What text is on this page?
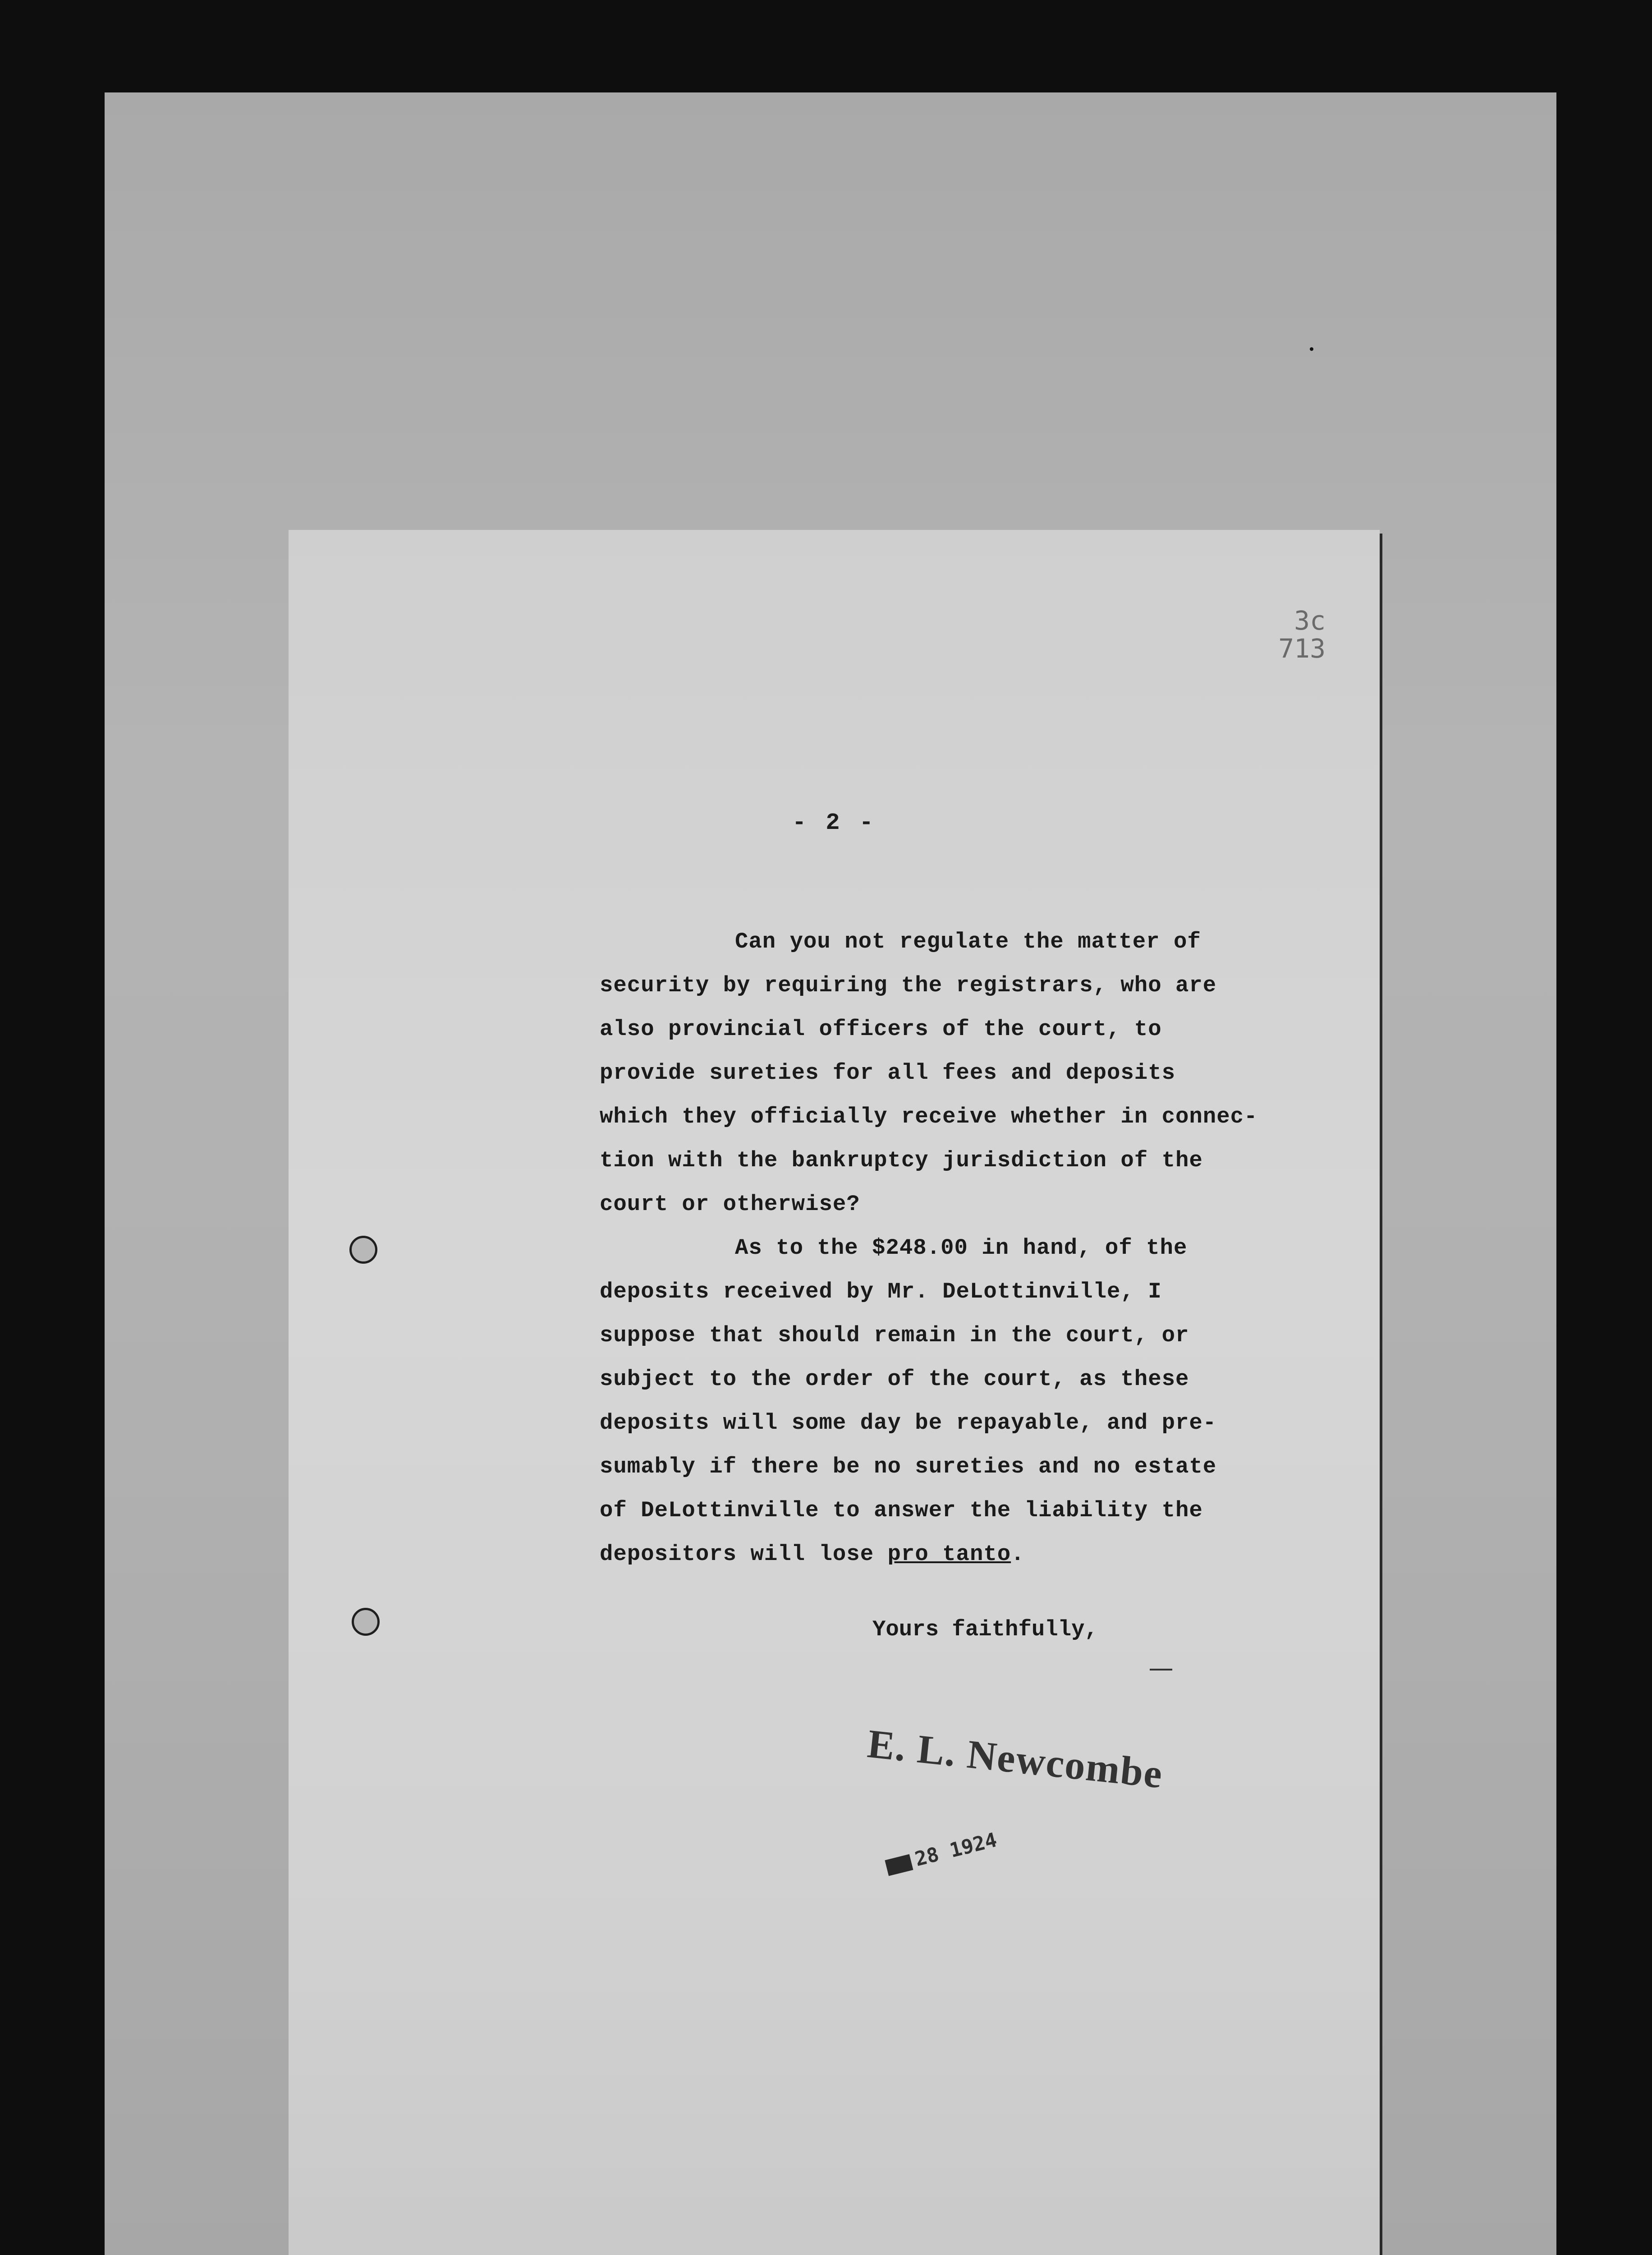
3c
713
- 2 -

Can you not regulate the matter of

security by requiring the registrars, who are

also provincial officers of the court, to

provide sureties for all fees and deposits

which they officially receive whether in connec-

tion with the bankruptcy jurisdiction of the

court or otherwise?

As to the $248.00 in hand, of the

deposits received by Mr. DeLottinville, I

suppose that should remain in the court, or

subject to the order of the court, as these

deposits will some day be repayable, and pre-

sumably if there be no sureties and no estate

of DeLottinville to answer the liability the

depositors will lose pro tanto.

Yours faithfully,
E. L. Newcombe
28 1924
